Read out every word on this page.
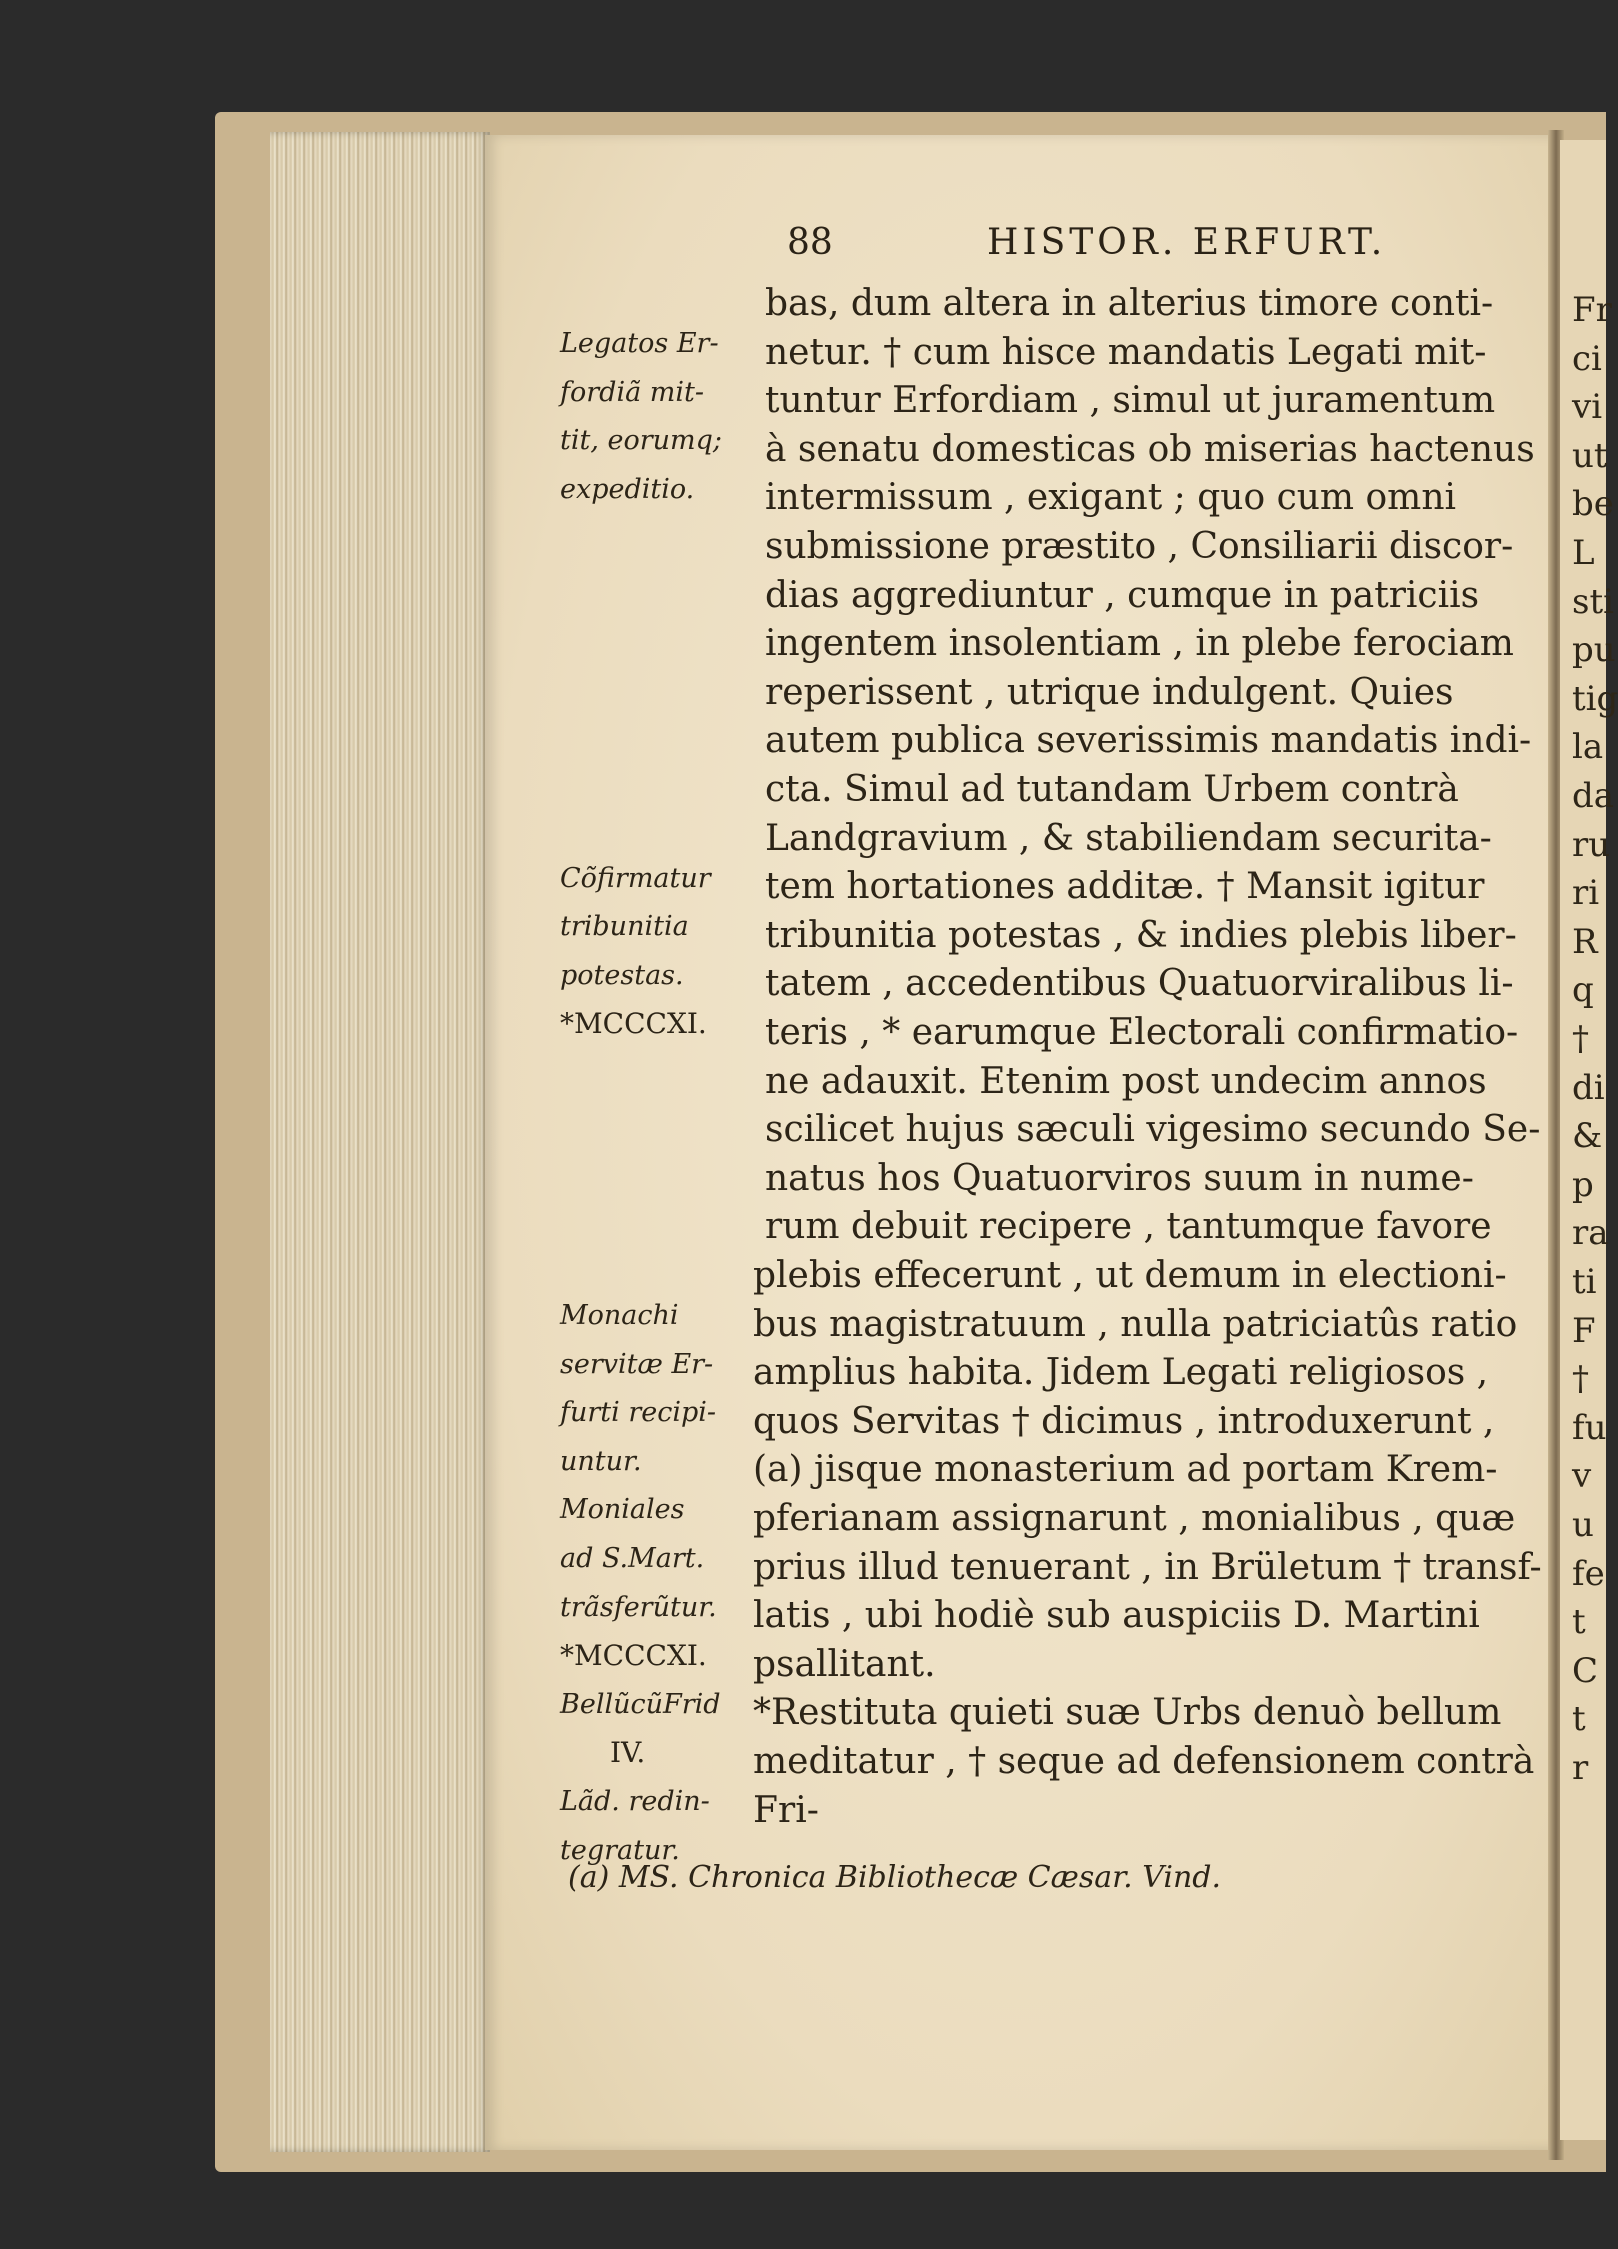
Fr
ci
vi
ut
be
L
sti
pu
tig
la
da
ru
ri
R
q
†
di
&
p
ra
ti
F
†
fu
v
u
fe
t
C
t
r
88	HISTOR. ERFURT.
bas, dum altera in alterius timore conti-
netur. † cum hisce mandatis Legati mit-
tuntur Erfordiam , simul ut juramentum
à senatu domesticas ob miserias hactenus
intermissum , exigant ; quo cum omni
submissione præstito , Consiliarii discor-
dias aggrediuntur , cumque in patriciis
ingentem insolentiam , in plebe ferociam
reperissent , utrique indulgent. Quies
autem publica severissimis mandatis indi-
cta. Simul ad tutandam Urbem contrà
Landgravium , & stabiliendam securita-
tem hortationes additæ. † Mansit igitur
tribunitia potestas , & indies plebis liber-
tatem , accedentibus Quatuorviralibus li-
teris , * earumque Electorali confirmatio-
ne adauxit. Etenim post undecim annos
scilicet hujus sæculi vigesimo secundo Se-
natus hos Quatuorviros suum in nume-
rum debuit recipere , tantumque favore
plebis effecerunt , ut demum in electioni-
bus magistratuum , nulla patriciatûs ratio
amplius habita. Jidem Legati religiosos ,
quos Servitas † dicimus , introduxerunt ,
(a) jisque monasterium ad portam Krem-
pferianam assignarunt , monialibus , quæ
prius illud tenuerant , in Brületum † transf-
latis , ubi hodiè sub auspiciis D. Martini
psallitant.
*Restituta quieti suæ Urbs denuò bellum
meditatur , † seque ad defensionem contrà
Fri-
Legatos Er-
fordiã mit-
tit, eorumq;
expeditio.
Cõfirmatur
tribunitia
potestas.
*MCCCXI.
Monachi
servitæ Er-
furti recipi-
untur.
Moniales
ad S.Mart.
trãsferũtur.
*MCCCXI.
BellũcũFrid
IV.
Lãd. redin-
tegratur.
(a) MS. Chronica Bibliothecæ Cæsar. Vind.
